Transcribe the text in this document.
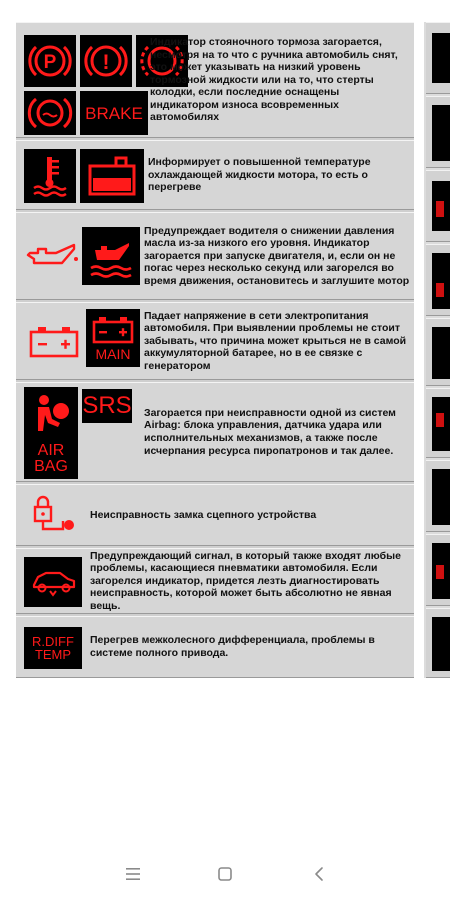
P !
BRAKE
Индикатор стояночного тормоза загорается, несмотря на то что с ручника автомобиль снят, это может указывать на низкий уровень тормозной жидкости или на то, что стерты колодки, если последние оснащены индикатором износа всовременных автомобилях
Информирует о повышенной температуре охлаждающей жидкости мотора, то есть о перегреве
Предупреждает водителя о снижении давления масла из-за низкого его уровня. Индикатор загорается при запуске двигателя, и, если он не погас через несколько секунд или загорелся во время движения, остановитесь и заглушите мотор
MAIN
Падает напряжение в сети электропитания автомобиля. При выявлении проблемы не стоит забывать, что причина может крыться не в самой аккумуляторной батарее, но в ее связке с генератором
SRS
AIR
BAG
Загорается при неисправности одной из систем Airbag: блока управления, датчика удара или исполнительных механизмов, а также после исчерпания ресурса пиропатронов и так далее.
Неисправность замка сцепного устройства
Предупреждающий сигнал, в который также входят любые проблемы, касающиеся пневматики автомобиля. Если загорелся индикатор, придется лезть диагностировать неисправность, которой может быть абсолютно не явная вещь.
R.DIFF
TEMP
Перегрев межколесного дифференциала, проблемы в системе полного привода.
